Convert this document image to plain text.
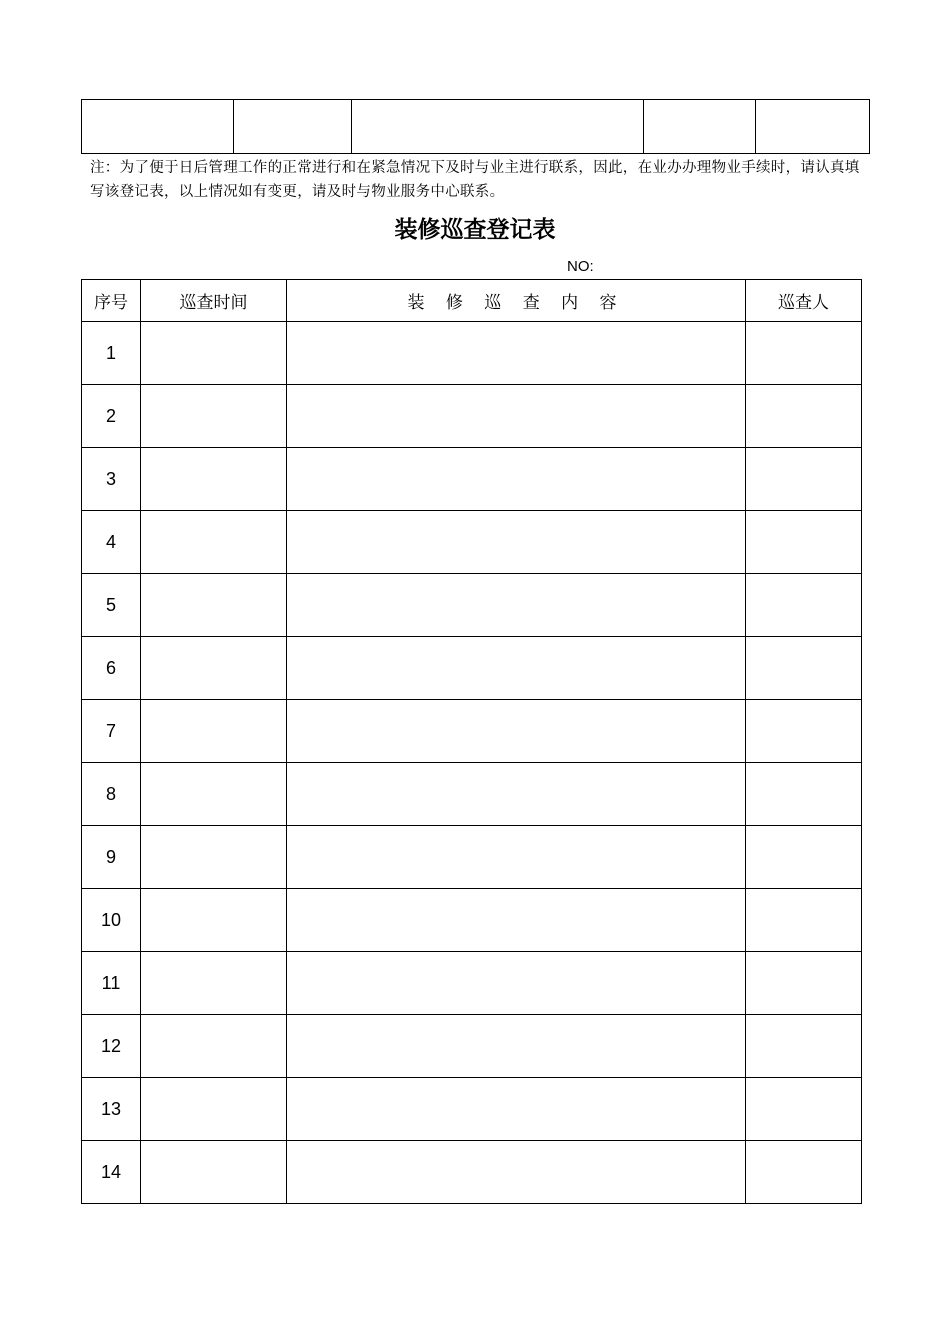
注：为了便于日后管理工作的正常进行和在紧急情况下及时与业主进行联系，因此，在业办办理物业手续时，请认真填写该登记表，以上情况如有变更，请及时与物业服务中心联系。
装修巡查登记表
NO:
序号	巡查时间	装 修 巡 查 内 容	巡查人
1			
2			
3			
4			
5			
6			
7			
8			
9			
10			
11			
12			
13			
14			
